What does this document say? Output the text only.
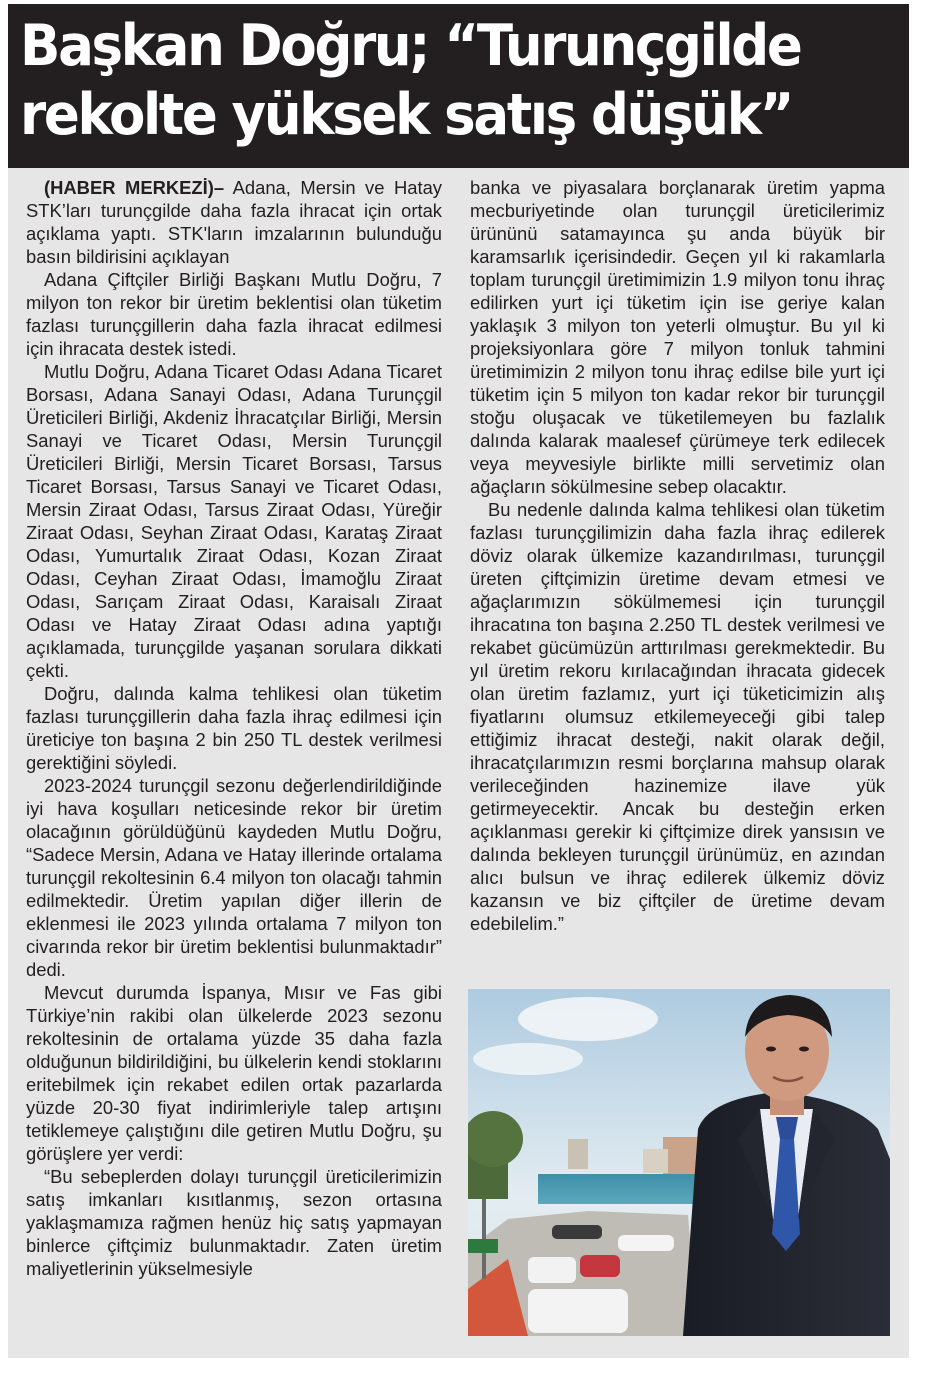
Başkan Doğru; “Turunçgilde
rekolte yüksek satış düşük”

(HABER MERKEZİ)– Adana, Mersin ve Hatay STK’ları turunçgilde daha fazla ihracat için ortak açıklama yaptı. STK'ların imzalarının bulunduğu basın bildirisini açıklayan

Adana Çiftçiler Birliği Başkanı Mutlu Doğru, 7 milyon ton rekor bir üretim beklentisi olan tüketim fazlası turunçgillerin daha fazla ihracat edilmesi için ihracata destek istedi.

Mutlu Doğru, Adana Ticaret Odası Adana Ticaret Borsası, Adana Sanayi Odası, Adana Turunçgil Üreticileri Birliği, Akdeniz İhracatçılar Birliği, Mersin Sanayi ve Ticaret Odası, Mersin Turunçgil Üreticileri Birliği, Mersin Ticaret Borsası, Tarsus Ticaret Borsası, Tarsus Sanayi ve Ticaret Odası, Mersin Ziraat Odası, Tarsus Ziraat Odası, Yüreğir Ziraat Odası, Seyhan Ziraat Odası, Karataş Ziraat Odası, Yumurtalık Ziraat Odası, Kozan Ziraat Odası, Ceyhan Ziraat Odası, İmamoğlu Ziraat Odası, Sarıçam Ziraat Odası, Karaisalı Ziraat Odası ve Hatay Ziraat Odası adına yaptığı açıklamada, turunçgilde yaşanan sorulara dikkati çekti.

Doğru, dalında kalma tehlikesi olan tüketim fazlası turunçgillerin daha fazla ihraç edilmesi için üreticiye ton başına 2 bin 250 TL destek verilmesi gerektiğini söyledi.

2023-2024 turunçgil sezonu değerlendirildiğinde iyi hava koşulları neticesinde rekor bir üretim olacağının görüldüğünü kaydeden Mutlu Doğru, “Sadece Mersin, Adana ve Hatay illerinde ortalama turunçgil rekoltesinin 6.4 milyon ton olacağı tahmin edilmektedir. Üretim yapılan diğer illerin de eklenmesi ile 2023 yılında ortalama 7 milyon ton civarında rekor bir üretim beklentisi bulunmaktadır” dedi.

Mevcut durumda İspanya, Mısır ve Fas gibi Türkiye’nin rakibi olan ülkelerde 2023 sezonu rekoltesinin de ortalama yüzde 35 daha fazla olduğunun bildirildiğini, bu ülkelerin kendi stoklarını eritebilmek için rekabet edilen ortak pazarlarda yüzde 20-30 fiyat indirimleriyle talep artışını tetiklemeye çalıştığını dile getiren Mutlu Doğru, şu görüşlere yer verdi:

“Bu sebeplerden dolayı turunçgil üreticilerimizin satış imkanları kısıtlanmış, sezon ortasına yaklaşmamıza rağmen henüz hiç satış yapmayan binlerce çiftçimiz bulunmaktadır. Zaten üretim maliyetlerinin yükselmesiyle

banka ve piyasalara borçlanarak üretim yapma mecburiyetinde olan turunçgil üreticilerimiz ürününü satamayınca şu anda büyük bir karamsarlık içerisindedir. Geçen yıl ki rakamlarla toplam turunçgil üretimimizin 1.9 milyon tonu ihraç edilirken yurt içi tüketim için ise geriye kalan yaklaşık 3 milyon ton yeterli olmuştur. Bu yıl ki projeksiyonlara göre 7 milyon tonluk tahmini üretimimizin 2 milyon tonu ihraç edilse bile yurt içi tüketim için 5 milyon ton kadar rekor bir turunçgil stoğu oluşacak ve tüketilemeyen bu fazlalık dalında kalarak maalesef çürümeye terk edilecek veya meyvesiyle birlikte milli servetimiz olan ağaçların sökülmesine sebep olacaktır.

Bu nedenle dalında kalma tehlikesi olan tüketim fazlası turunçgilimizin daha fazla ihraç edilerek döviz olarak ülkemize kazandırılması, turunçgil üreten çiftçimizin üretime devam etmesi ve ağaçlarımızın sökülmemesi için turunçgil ihracatına ton başına 2.250 TL destek verilmesi ve rekabet gücümüzün arttırılması gerekmektedir. Bu yıl üretim rekoru kırılacağından ihracata gidecek olan üretim fazlamız, yurt içi tüketicimizin alış fiyatlarını olumsuz etkilemeyeceği gibi talep ettiğimiz ihracat desteği, nakit olarak değil, ihracatçılarımızın resmi borçlarına mahsup olarak verileceğinden hazinemize ilave yük getirmeyecektir. Ancak bu desteğin erken açıklanması gerekir ki çiftçimize direk yansısın ve dalında bekleyen turunçgil ürünümüz, en azından alıcı bulsun ve ihraç edilerek ülkemiz döviz kazansın ve biz çiftçiler de üretime devam edebilelim.”
